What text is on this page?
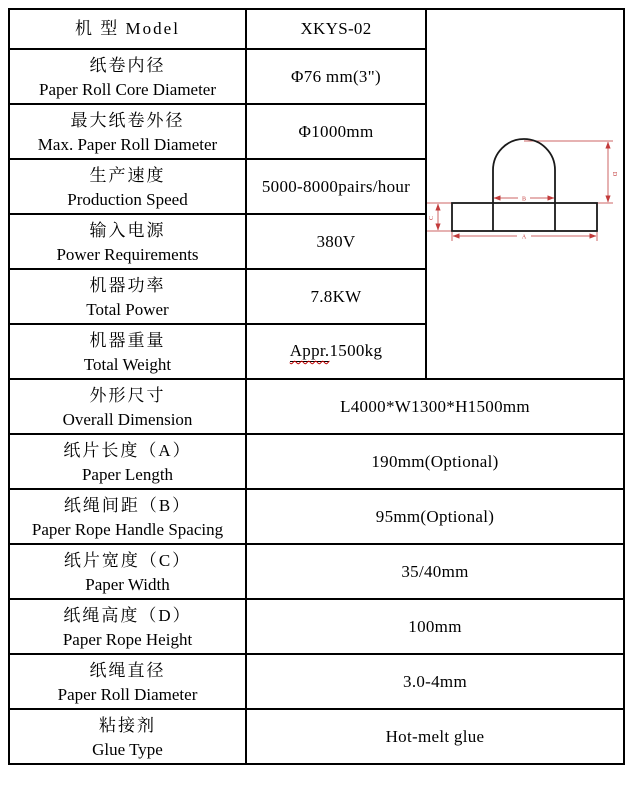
机 型 Model	XKYS-02	D
C
B
A

纸卷内径
Paper Roll Core Diameter	Φ76 mm(3")	

最大纸卷外径
Max. Paper Roll Diameter	Φ1000mm	

生产速度
Production Speed	5000-8000pairs/hour	

输入电源
Power Requirements	380V	

机器功率
Total Power	7.8KW	

机器重量
Total Weight	Appr.1500kg	

外形尺寸
Overall Dimension	L4000*W1300*H1500mm	

纸片长度（A）
Paper Length	190mm(Optional)	

纸绳间距（B）
Paper Rope Handle Spacing	95mm(Optional)	

纸片宽度（C）
Paper Width	35/40mm	

纸绳高度（D）
Paper Rope Height	100mm	

纸绳直径
Paper Roll Diameter	3.0-4mm	

粘接剂
Glue Type	Hot-melt glue	
